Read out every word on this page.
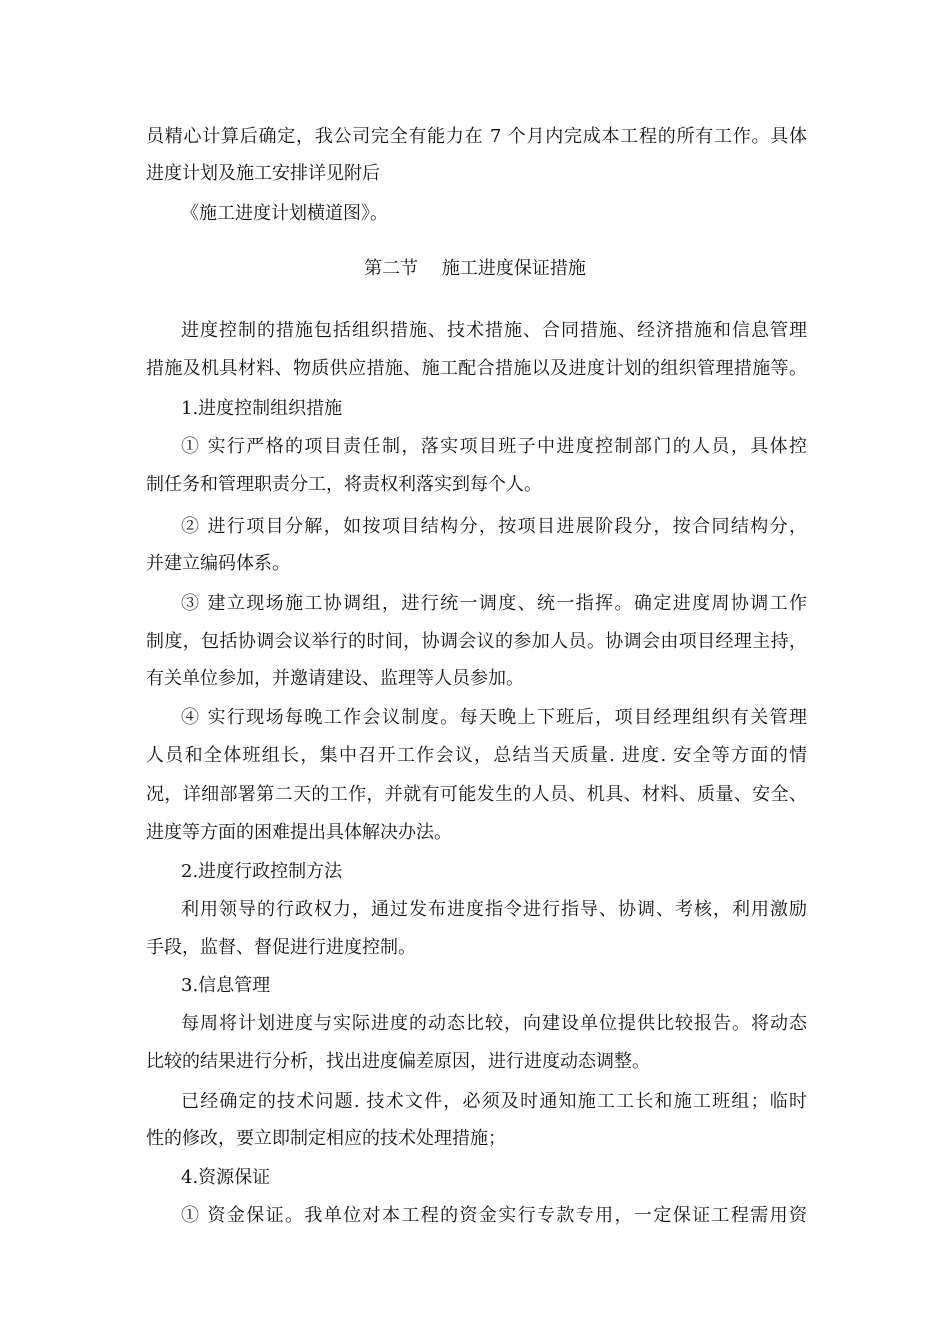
员精心计算后确定，我公司完全有能力在 7 个月内完成本工程的所有工作。具体
进度计划及施工安排详见附后
《施工进度计划横道图》。
第二节　 施工进度保证措施
进度控制的措施包括组织措施、技术措施、合同措施、经济措施和信息管理
措施及机具材料、物质供应措施、施工配合措施以及进度计划的组织管理措施等。
1.进度控制组织措施
① 实行严格的项目责任制，落实项目班子中进度控制部门的人员，具体控
制任务和管理职责分工，将责权利落实到每个人。
② 进行项目分解，如按项目结构分，按项目进展阶段分，按合同结构分，
并建立编码体系。
③ 建立现场施工协调组，进行统一调度、统一指挥。确定进度周协调工作
制度，包括协调会议举行的时间，协调会议的参加人员。协调会由项目经理主持，
有关单位参加，并邀请建设、监理等人员参加。
④ 实行现场每晚工作会议制度。每天晚上下班后，项目经理组织有关管理
人员和全体班组长，集中召开工作会议，总结当天质量. 进度. 安全等方面的情
况，详细部署第二天的工作，并就有可能发生的人员、机具、材料、质量、安全、
进度等方面的困难提出具体解决办法。
2.进度行政控制方法
利用领导的行政权力，通过发布进度指令进行指导、协调、考核，利用激励
手段，监督、督促进行进度控制。
3.信息管理
每周将计划进度与实际进度的动态比较，向建设单位提供比较报告。将动态
比较的结果进行分析，找出进度偏差原因，进行进度动态调整。
已经确定的技术问题. 技术文件，必须及时通知施工工长和施工班组；临时
性的修改，要立即制定相应的技术处理措施；
4.资源保证
① 资金保证。我单位对本工程的资金实行专款专用，一定保证工程需用资
